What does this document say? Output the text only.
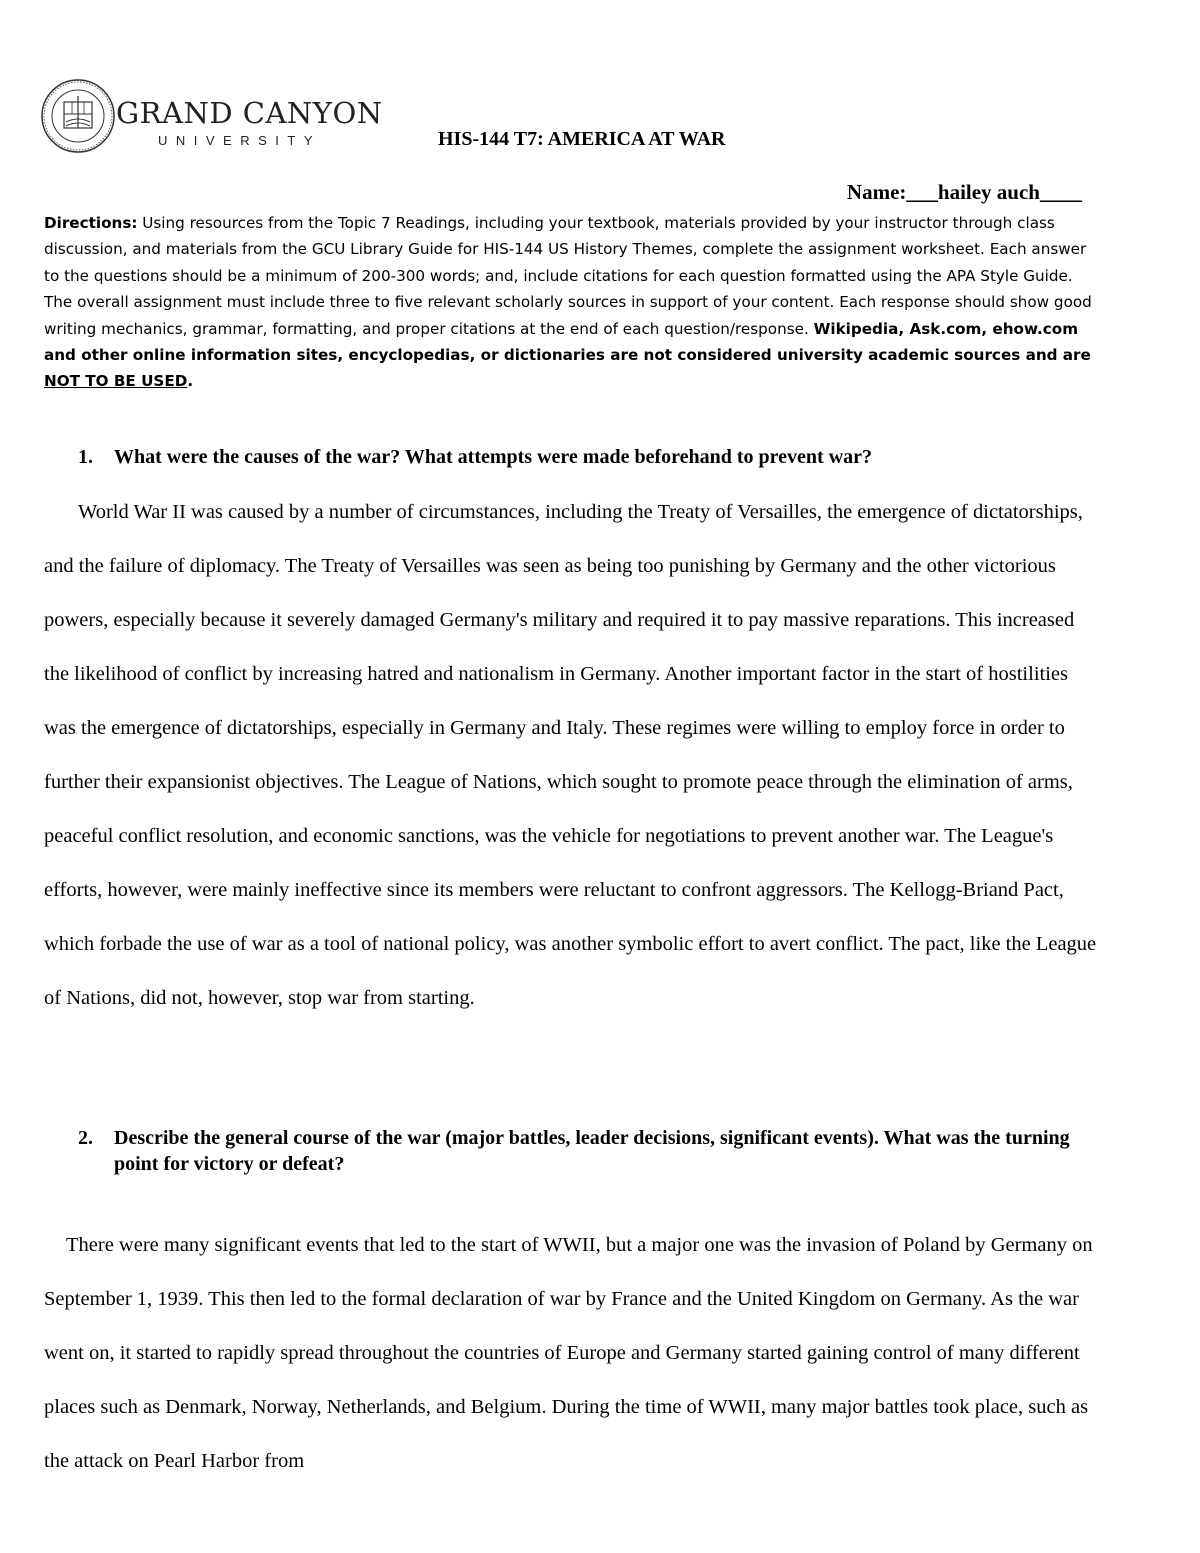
GRAND CANYON
UNIVERSITY	HIS-144 T7: AMERICA AT WAR
Name:___hailey auch____

Directions: Using resources from the Topic 7 Readings, including your textbook, materials provided by your instructor through class discussion, and materials from the GCU Library Guide for HIS-144 US History Themes, complete the assignment worksheet. Each answer to the questions should be a minimum of 200-300 words; and, include citations for each question formatted using the APA Style Guide. The overall assignment must include three to five relevant scholarly sources in support of your content. Each response should show good writing mechanics, grammar, formatting, and proper citations at the end of each question/response. Wikipedia, Ask.com, ehow.com and other online information sites, encyclopedias, or dictionaries are not considered university academic sources and are NOT TO BE USED.

1.	What were the causes of the war? What attempts were made beforehand to prevent war?

World War II was caused by a number of circumstances, including the Treaty of Versailles, the emergence of dictatorships, and the failure of diplomacy. The Treaty of Versailles was seen as being too punishing by Germany and the other victorious powers, especially because it severely damaged Germany's military and required it to pay massive reparations. This increased the likelihood of conflict by increasing hatred and nationalism in Germany. Another important factor in the start of hostilities was the emergence of dictatorships, especially in Germany and Italy. These regimes were willing to employ force in order to further their expansionist objectives. The League of Nations, which sought to promote peace through the elimination of arms, peaceful conflict resolution, and economic sanctions, was the vehicle for negotiations to prevent another war. The League's efforts, however, were mainly ineffective since its members were reluctant to confront aggressors. The Kellogg-Briand Pact, which forbade the use of war as a tool of national policy, was another symbolic effort to avert conflict. The pact, like the League of Nations, did not, however, stop war from starting.

2.	Describe the general course of the war (major battles, leader decisions, significant events). What was the turning point for victory or defeat?

There were many significant events that led to the start of WWII, but a major one was the invasion of Poland by Germany on September 1, 1939. This then led to the formal declaration of war by France and the United Kingdom on Germany. As the war went on, it started to rapidly spread throughout the countries of Europe and Germany started gaining control of many different places such as Denmark, Norway, Netherlands, and Belgium. During the time of WWII, many major battles took place, such as the attack on Pearl Harbor from
